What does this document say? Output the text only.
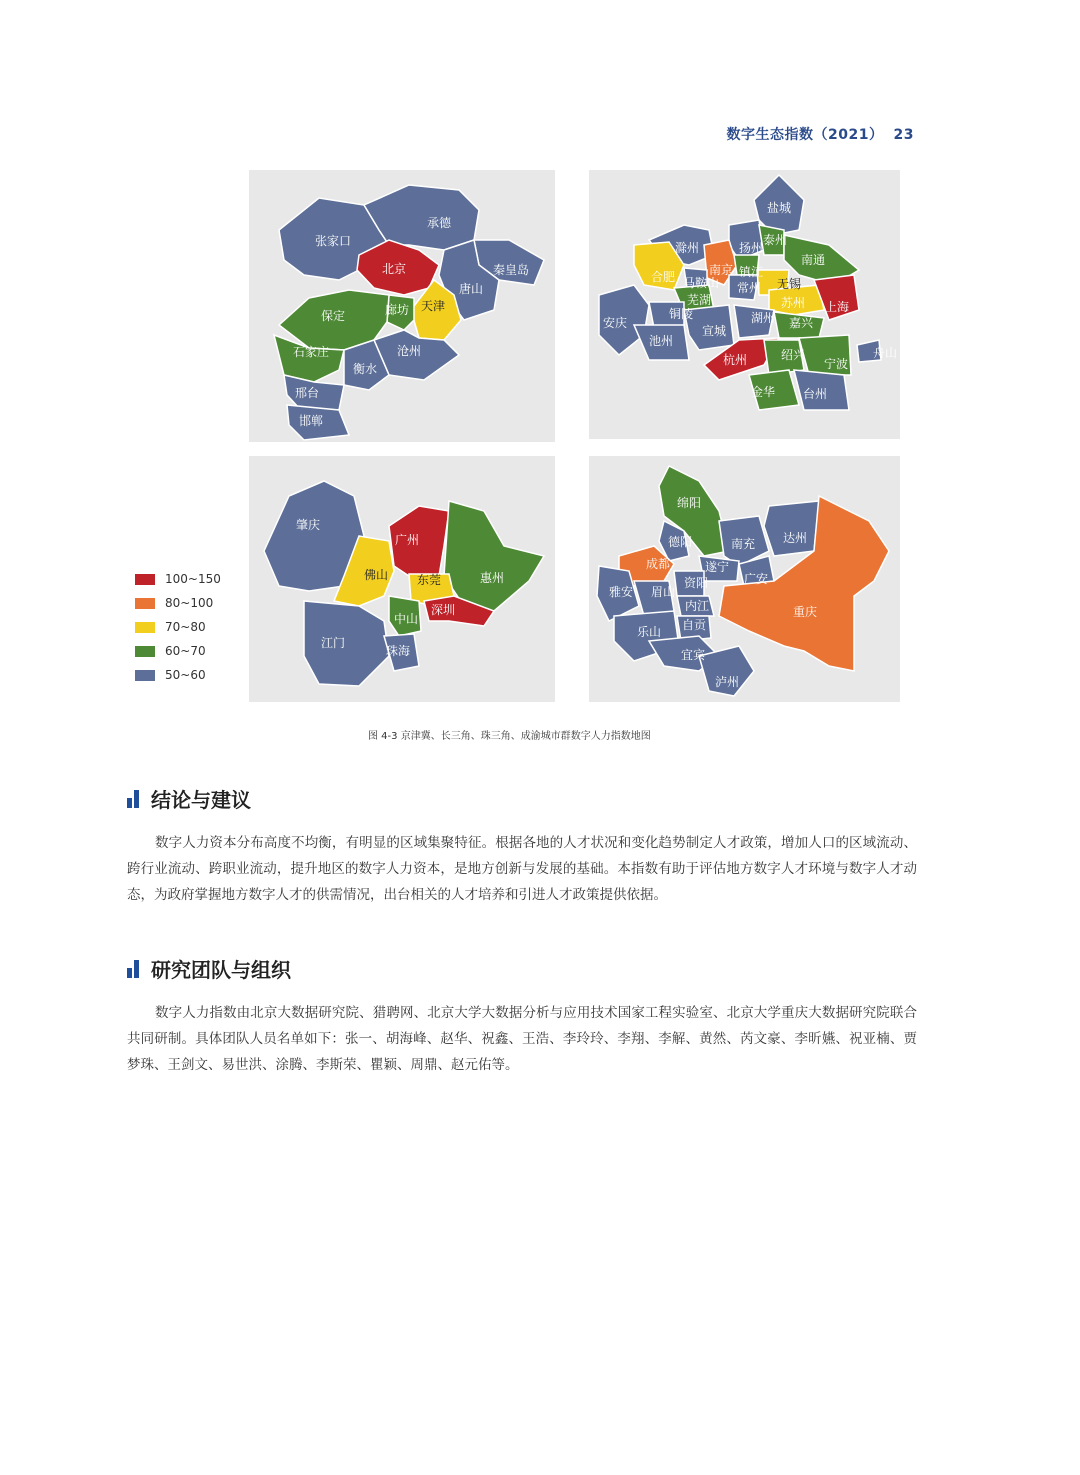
数字生态指数（2021） 23
张家口
承德
北京	秦皇岛
天津
唐山
廊坊
保定
沧州
石家庄
衡水
邢台
邯郸
盐城
滁州	扬州
泰州
合肥	南京 镇江
南通
马鞍山 常州 无锡
芜湖	苏州 上海
安庆
铜陵	湖州 嘉兴
宣城
池州
杭州	绍兴
宁波
舟山
金华 台州
肇庆
广州
佛山 东莞	惠州
深圳
中山
江门
珠海
绵阳
德阳	南充 达州
成都	遂宁
广安
雅安 眉山
资阳
内江	重庆
乐山 自贡
宜宾
泸州
100~150
80~100
70~80
60~70
50~60
图 4-3 京津冀、长三角、珠三角、成渝城市群数字人力指数地图
结论与建议
数字人力资本分布高度不均衡，有明显的区域集聚特征。根据各地的人才状况和变化趋势制定人才政策，增加人口的区域流动、跨行业流动、跨职业流动，提升地区的数字人力资本，是地方创新与发展的基础。本指数有助于评估地方数字人才环境与数字人才动态，为政府掌握地方数字人才的供需情况，出台相关的人才培养和引进人才政策提供依据。
研究团队与组织
数字人力指数由北京大数据研究院、猎聘网、北京大学大数据分析与应用技术国家工程实验室、北京大学重庆大数据研究院联合共同研制。具体团队人员名单如下：张一、胡海峰、赵华、祝鑫、王浩、李玲玲、李翔、李解、黄然、芮文豪、李昕嬿、祝亚楠、贾梦珠、王剑文、易世洪、涂腾、李斯荣、瞿颖、周鼎、赵元佑等。
